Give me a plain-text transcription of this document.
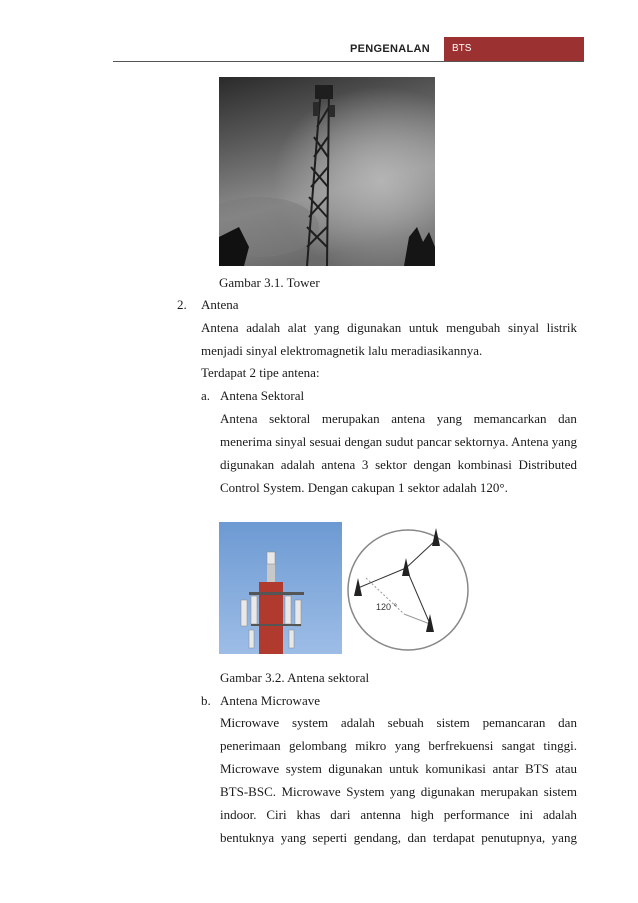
PENGENALAN BTS
Gambar 3.1. Tower
2. Antena
Antena adalah alat yang digunakan untuk mengubah sinyal listrik
menjadi sinyal elektromagnetik lalu meradiasikannya.
Terdapat 2 tipe antena:
a. Antena Sektoral
Antena sektoral merupakan antena yang memancarkan dan
menerima sinyal sesuai dengan sudut pancar sektornya. Antena yang
digunakan adalah antena 3 sektor dengan kombinasi Distributed
Control System. Dengan cakupan 1 sektor adalah 120°.
120 °
Gambar 3.2. Antena sektoral
b. Antena Microwave
Microwave system adalah sebuah sistem pemancaran dan
penerimaan gelombang mikro yang berfrekuensi sangat tinggi.
Microwave system digunakan untuk komunikasi antar BTS atau
BTS-BSC. Microwave System yang digunakan merupakan sistem
indoor. Ciri khas dari antenna high performance ini adalah
bentuknya yang seperti gendang, dan terdapat penutupnya, yang
